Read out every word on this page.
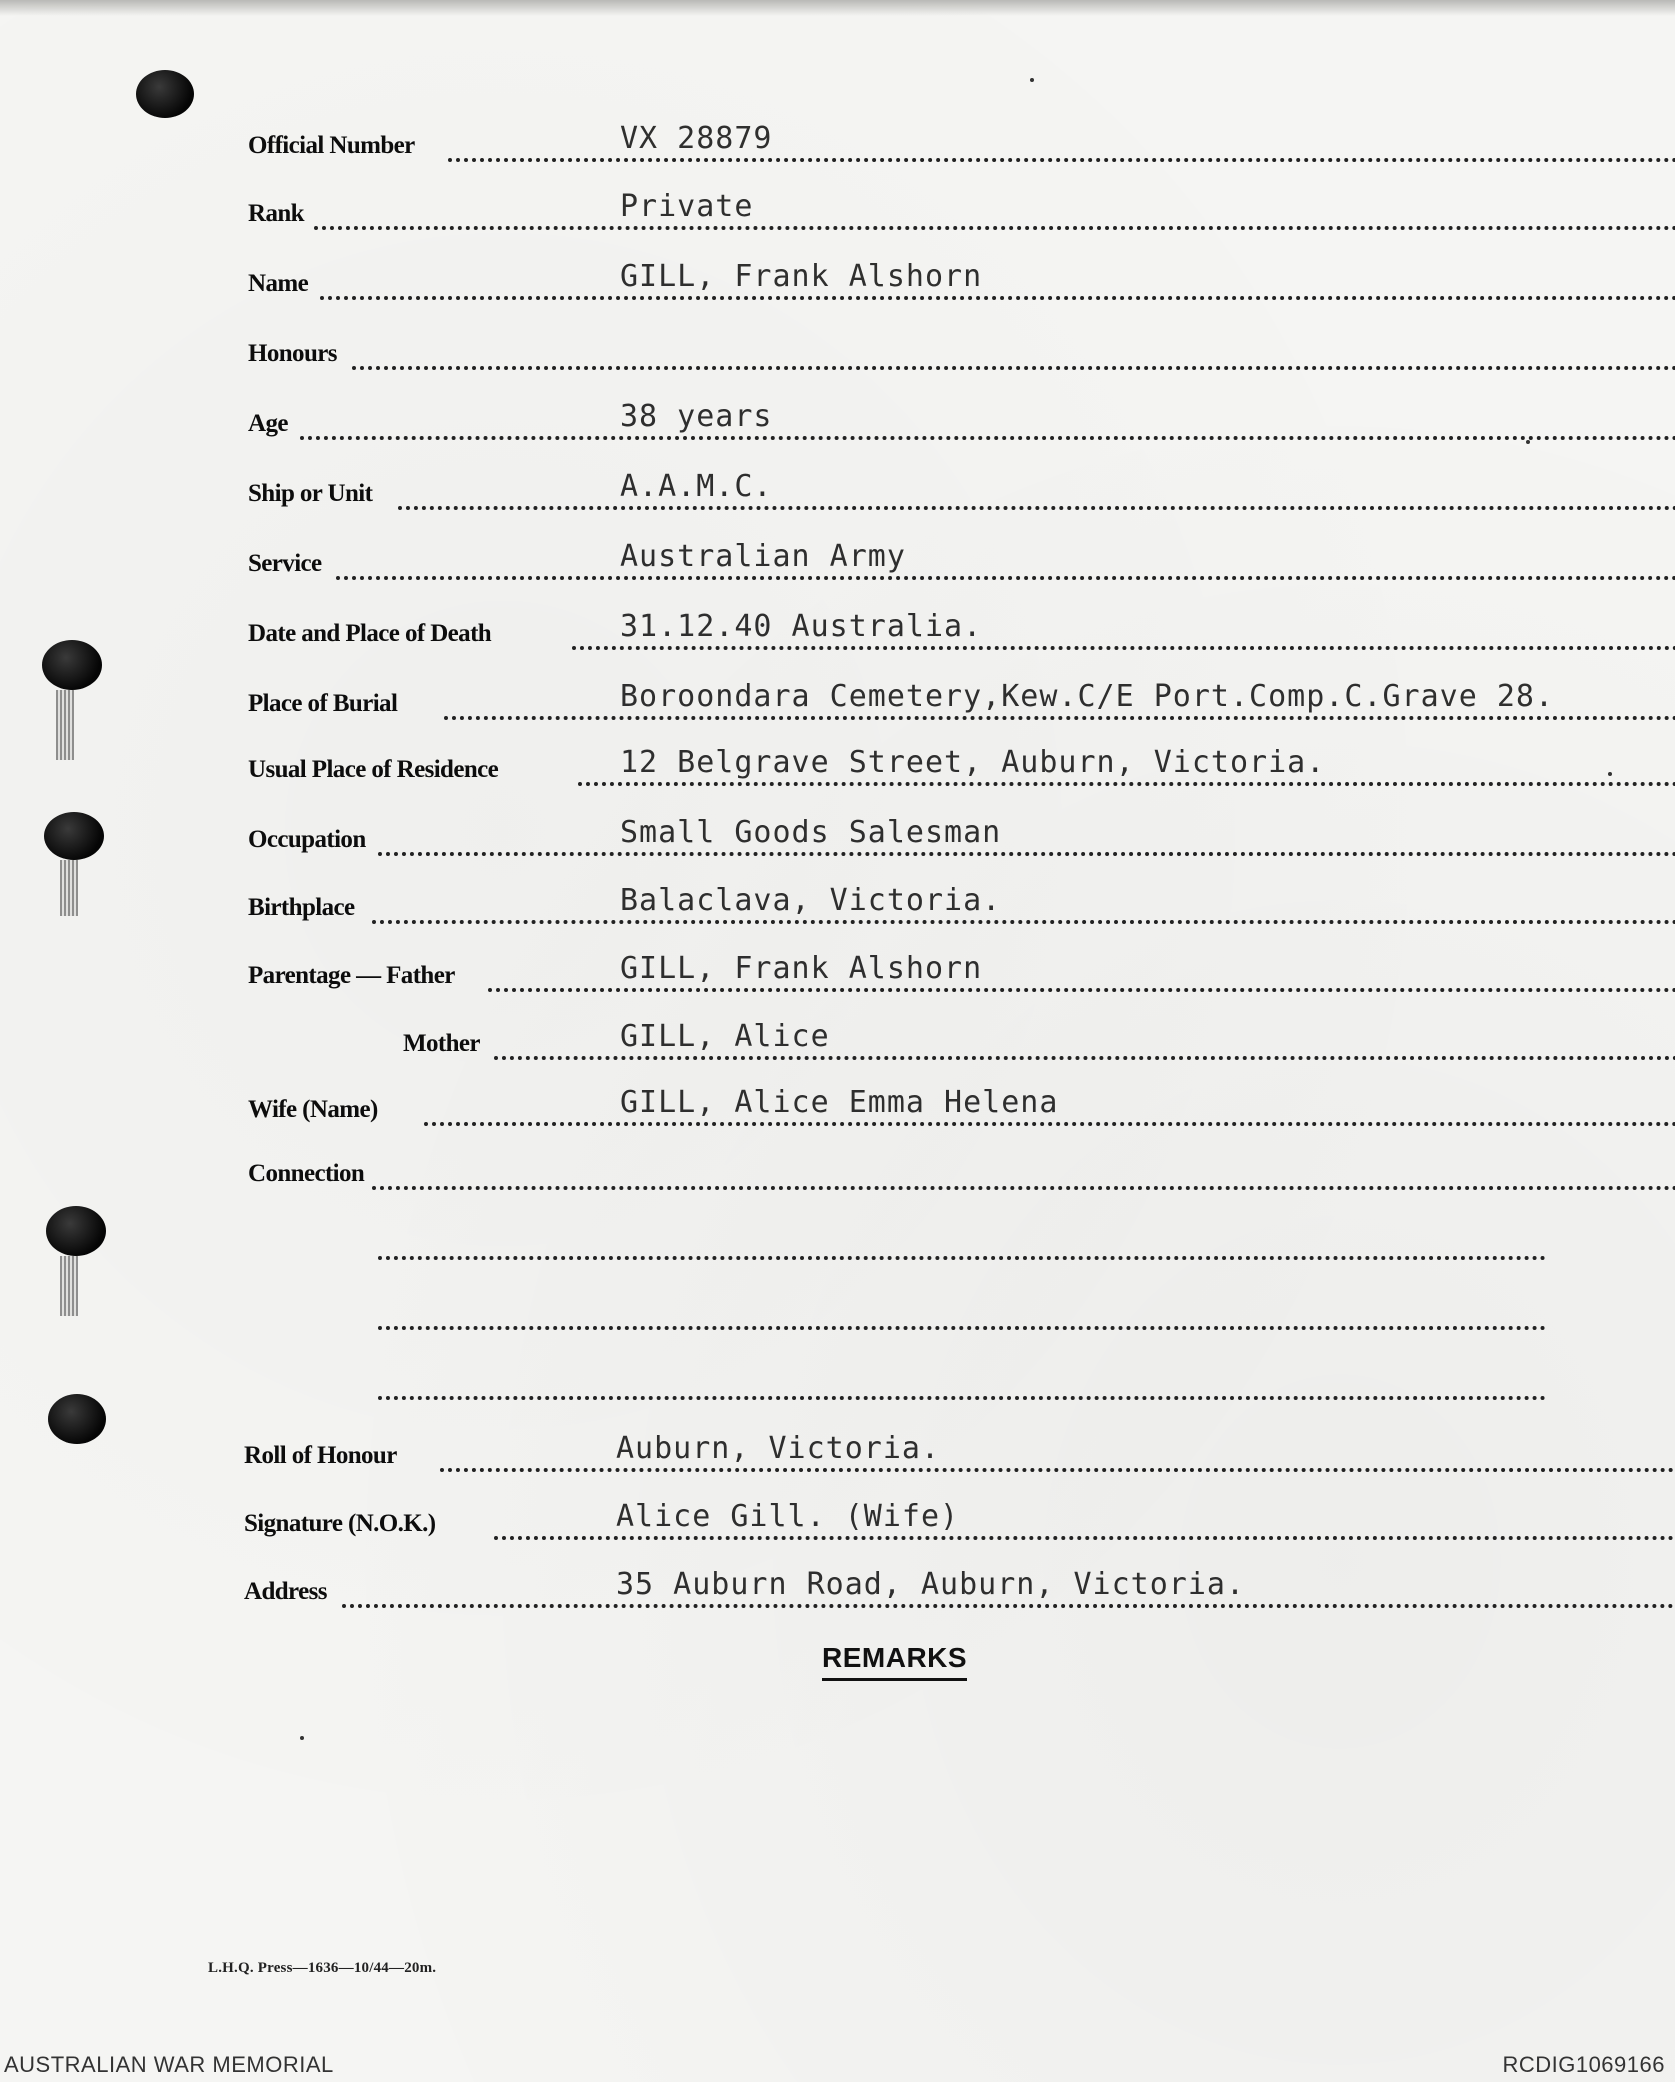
Official Number	VX 28879
Rank	Private
Name	GILL, Frank Alshorn
Honours
Age	38 years
Ship or Unit	A.A.M.C.
Service	Australian Army
Date and Place of Death	31.12.40 Australia.
Place of Burial	Boroondara Cemetery,Kew.C/E Port.Comp.C.Grave 28.
Usual Place of Residence	12 Belgrave Street, Auburn, Victoria.
Occupation	Small Goods Salesman
Birthplace	Balaclava, Victoria.
Parentage — Father	GILL, Frank Alshorn
Mother	GILL, Alice
Wife (Name)	GILL, Alice Emma Helena
Connection
Roll of Honour	Auburn, Victoria.
Signature (N.O.K.)	Alice Gill. (Wife)
Address	35 Auburn Road, Auburn, Victoria.
REMARKS
L.H.Q. Press—1636—10/44—20m.
AUSTRALIAN WAR MEMORIAL	RCDIG1069166
